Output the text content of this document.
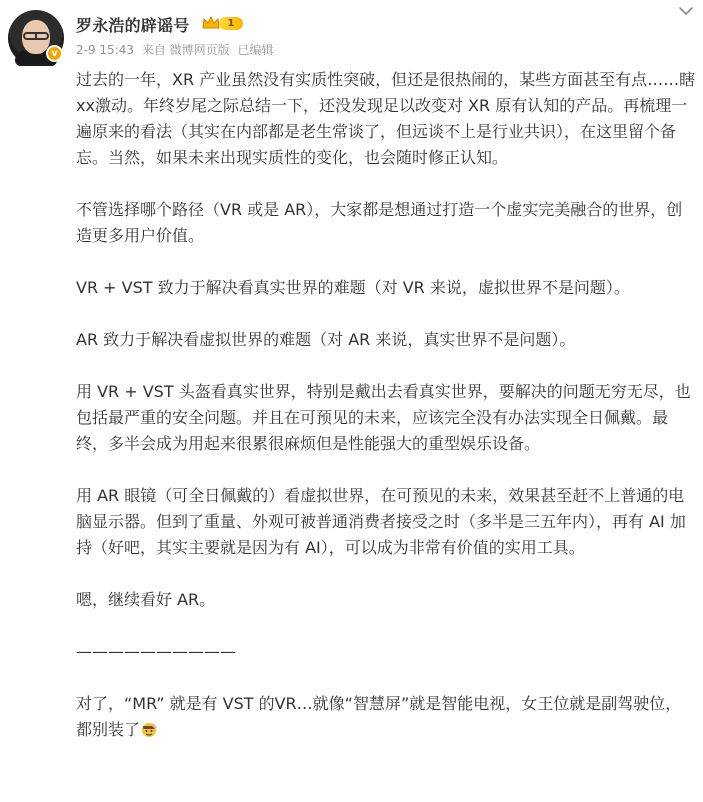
v
罗永浩的辟谣号	1
2-9 15:43 来自 微博网页版 已编辑

过去的一年，XR 产业虽然没有实质性突破，但还是很热闹的，某些方面甚至有点……瞎xx激动。年终岁尾之际总结一下，还没发现足以改变对 XR 原有认知的产品。再梳理一遍原来的看法（其实在内部都是老生常谈了，但远谈不上是行业共识），在这里留个备忘。当然，如果未来出现实质性的变化，也会随时修正认知。

不管选择哪个路径（VR 或是 AR），大家都是想通过打造一个虚实完美融合的世界，创造更多用户价值。

VR + VST 致力于解决看真实世界的难题（对 VR 来说，虚拟世界不是问题）。

AR 致力于解决看虚拟世界的难题（对 AR 来说，真实世界不是问题）。

用 VR + VST 头盔看真实世界，特别是戴出去看真实世界，要解决的问题无穷无尽，也包括最严重的安全问题。并且在可预见的未来，应该完全没有办法实现全日佩戴。最终，多半会成为用起来很累很麻烦但是性能强大的重型娱乐设备。

用 AR 眼镜（可全日佩戴的）看虚拟世界，在可预见的未来，效果甚至赶不上普通的电脑显示器。但到了重量、外观可被普通消费者接受之时（多半是三五年内），再有 AI 加持（好吧，其实主要就是因为有 AI），可以成为非常有价值的实用工具。

嗯，继续看好 AR。

——————————

对了，“MR” 就是有 VST 的VR…就像“智慧屏”就是智能电视，女王位就是副驾驶位，都别装了
